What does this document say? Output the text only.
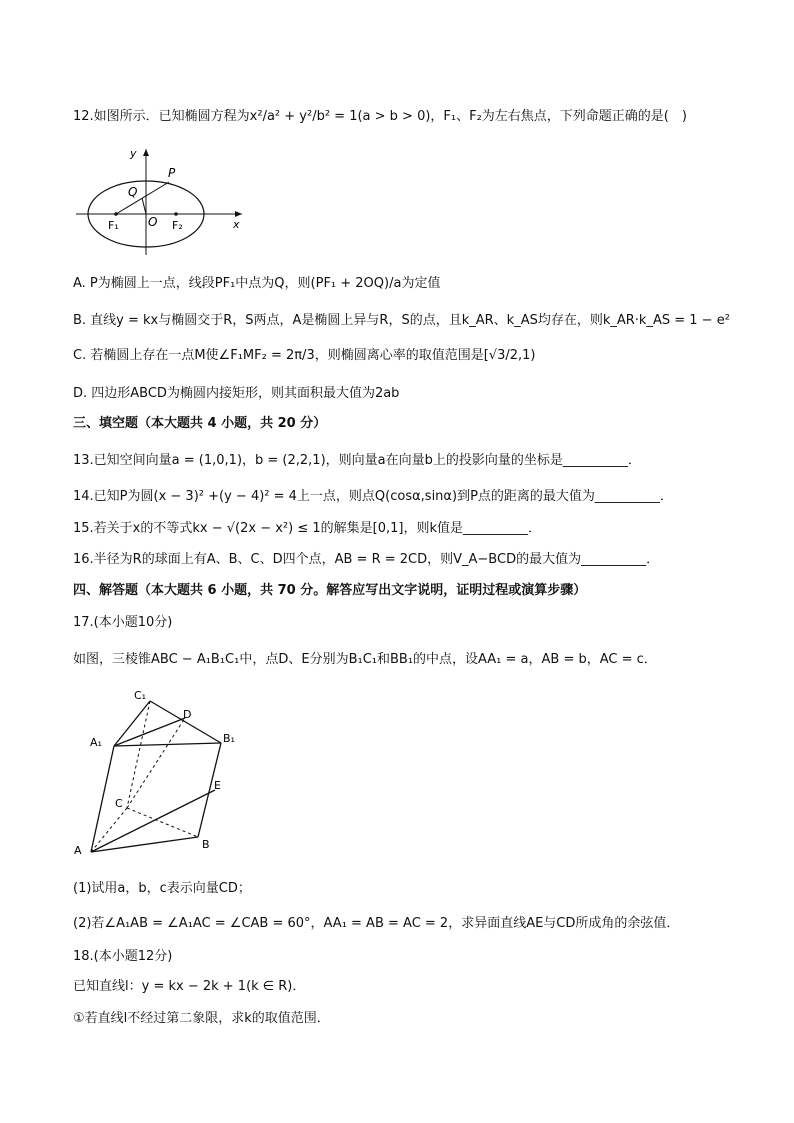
12.如图所示．已知椭圆方程为x²/a² + y²/b² = 1(a > b > 0)，F₁、F₂为左右焦点，下列命题正确的是(　)
y
x
P
Q
O
F₁	F₂
A. P为椭圆上一点，线段PF₁中点为Q，则(PF₁ + 2OQ)/a为定值
B. 直线y = kx与椭圆交于R，S两点，A是椭圆上异与R，S的点，且k_AR、k_AS均存在，则k_AR·k_AS = 1 − e²
C. 若椭圆上存在一点M使∠F₁MF₂ = 2π/3，则椭圆离心率的取值范围是[√3/2,1)
D. 四边形ABCD为椭圆内接矩形，则其面积最大值为2ab
三、填空题（本大题共 4 小题，共 20 分）
13.已知空间向量a = (1,0,1)，b = (2,2,1)，则向量a在向量b上的投影向量的坐标是__________．
14.已知P为圆(x − 3)² +(y − 4)² = 4上一点，则点Q(cosα,sinα)到P点的距离的最大值为__________．
15.若关于x的不等式kx − √(2x − x²) ≤ 1的解集是[0,1]，则k值是__________．
16.半径为R的球面上有A、B、C、D四个点，AB = R = 2CD，则V_A−BCD的最大值为__________．
四、解答题（本大题共 6 小题，共 70 分。解答应写出文字说明，证明过程或演算步骤）
17.(本小题10分)
如图，三棱锥ABC − A₁B₁C₁中，点D、E分别为B₁C₁和BB₁的中点，设AA₁ = a，AB = b，AC = c．
C₁
D
A₁	B₁
E
C
A	B
(1)试用a，b，c表示向量CD；
(2)若∠A₁AB = ∠A₁AC = ∠CAB = 60°，AA₁ = AB = AC = 2，求异面直线AE与CD所成角的余弦值．
18.(本小题12分)
已知直线l：y = kx − 2k + 1(k ∈ R)．
①若直线l不经过第二象限，求k的取值范围．
